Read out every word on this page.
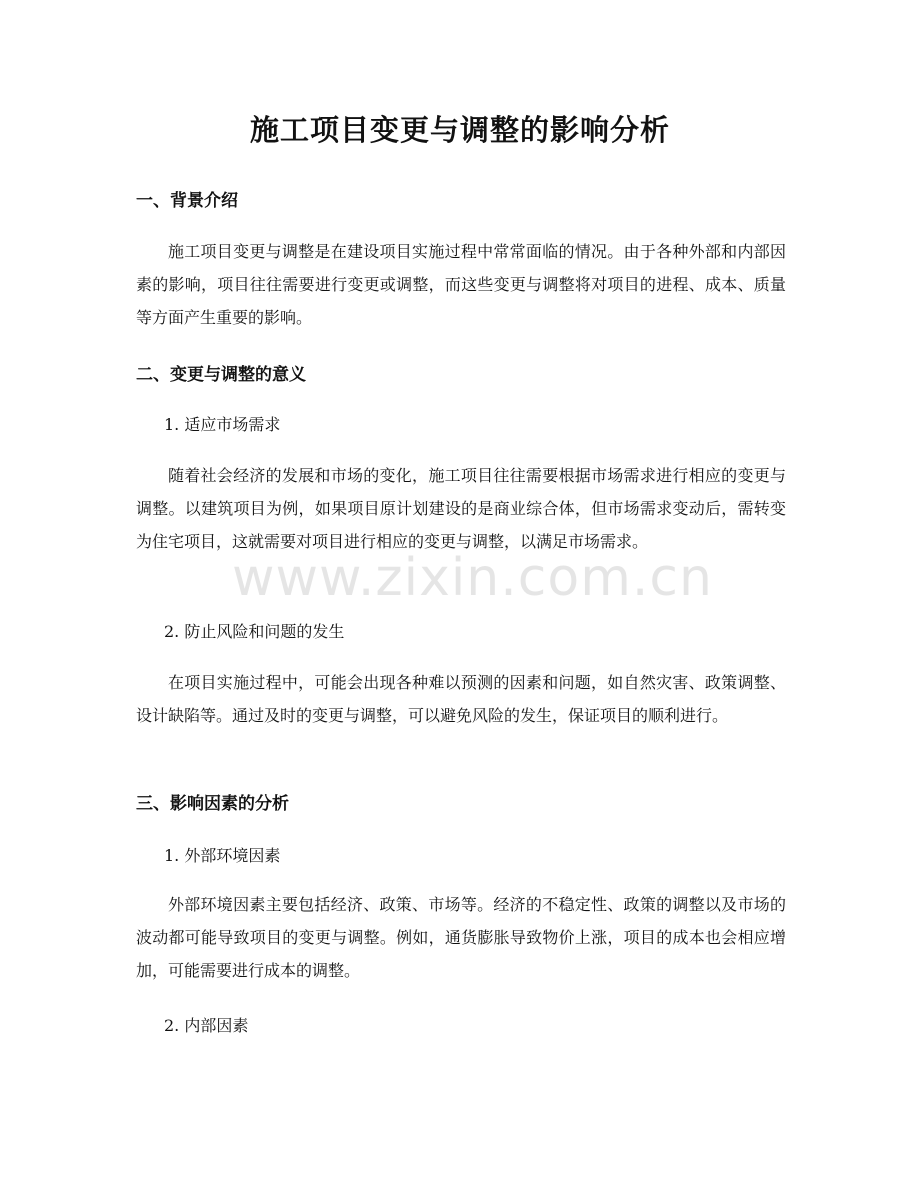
施工项目变更与调整的影响分析
一、背景介绍

施工项目变更与调整是在建设项目实施过程中常常面临的情况。由于各种外部和内部因素的影响，项目往往需要进行变更或调整，而这些变更与调整将对项目的进程、成本、质量等方面产生重要的影响。

二、变更与调整的意义

1. 适应市场需求

随着社会经济的发展和市场的变化，施工项目往往需要根据市场需求进行相应的变更与调整。以建筑项目为例，如果项目原计划建设的是商业综合体，但市场需求变动后，需转变为住宅项目，这就需要对项目进行相应的变更与调整，以满足市场需求。

2. 防止风险和问题的发生

在项目实施过程中，可能会出现各种难以预测的因素和问题，如自然灾害、政策调整、设计缺陷等。通过及时的变更与调整，可以避免风险的发生，保证项目的顺利进行。

三、影响因素的分析

1. 外部环境因素

外部环境因素主要包括经济、政策、市场等。经济的不稳定性、政策的调整以及市场的波动都可能导致项目的变更与调整。例如，通货膨胀导致物价上涨，项目的成本也会相应增加，可能需要进行成本的调整。

2. 内部因素

www.zixin.com.cn
